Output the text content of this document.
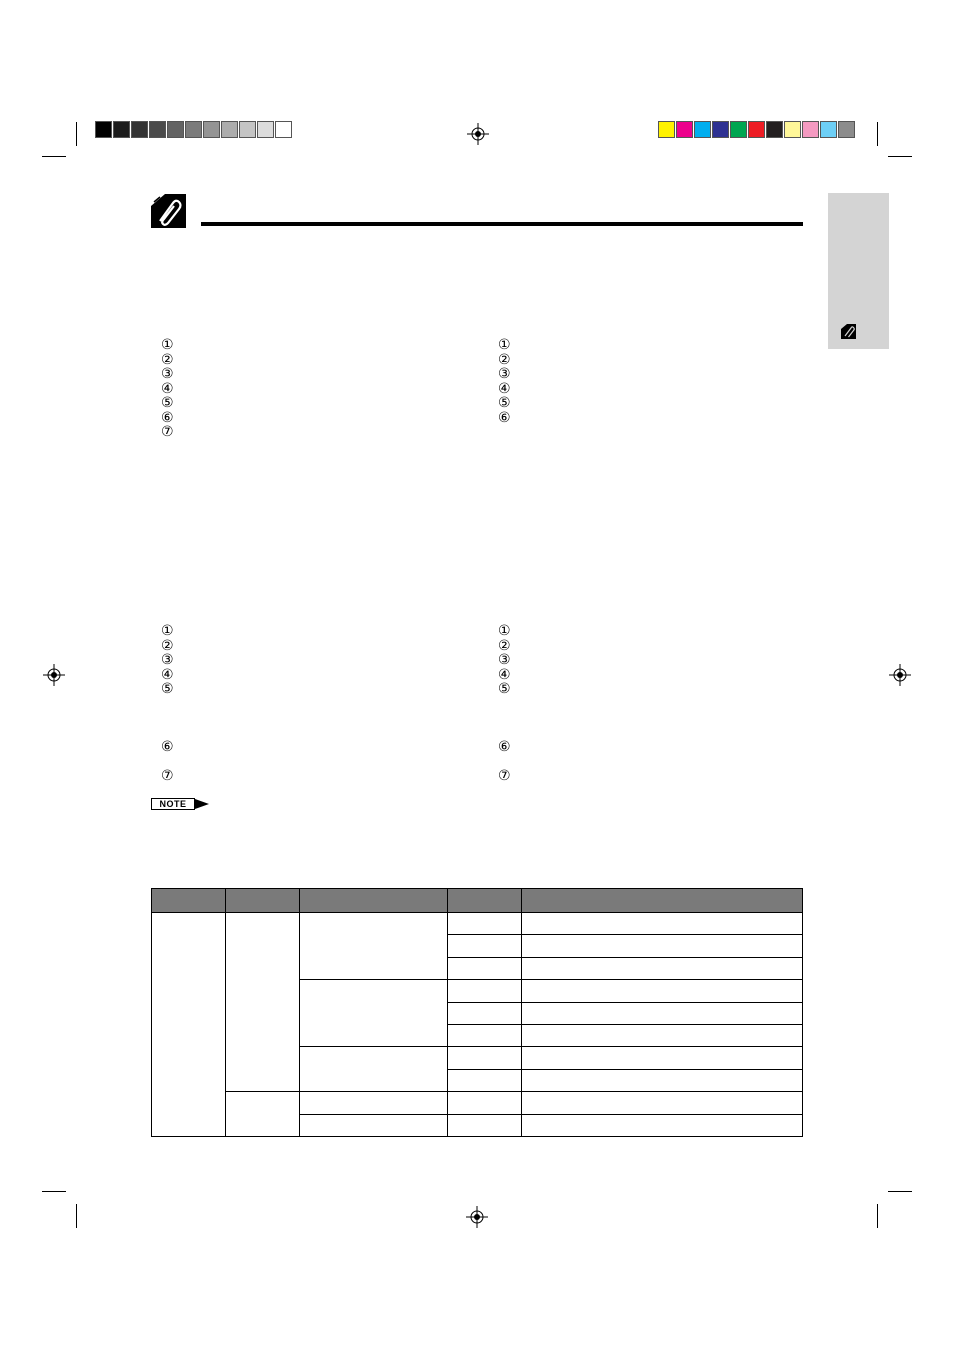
①
②
③
④
⑤
⑥
⑦
①
②
③
④
⑤
⑥
①
②
③
④
⑤
⑥
⑦
①
②
③
④
⑤
⑥
⑦
NOTE
